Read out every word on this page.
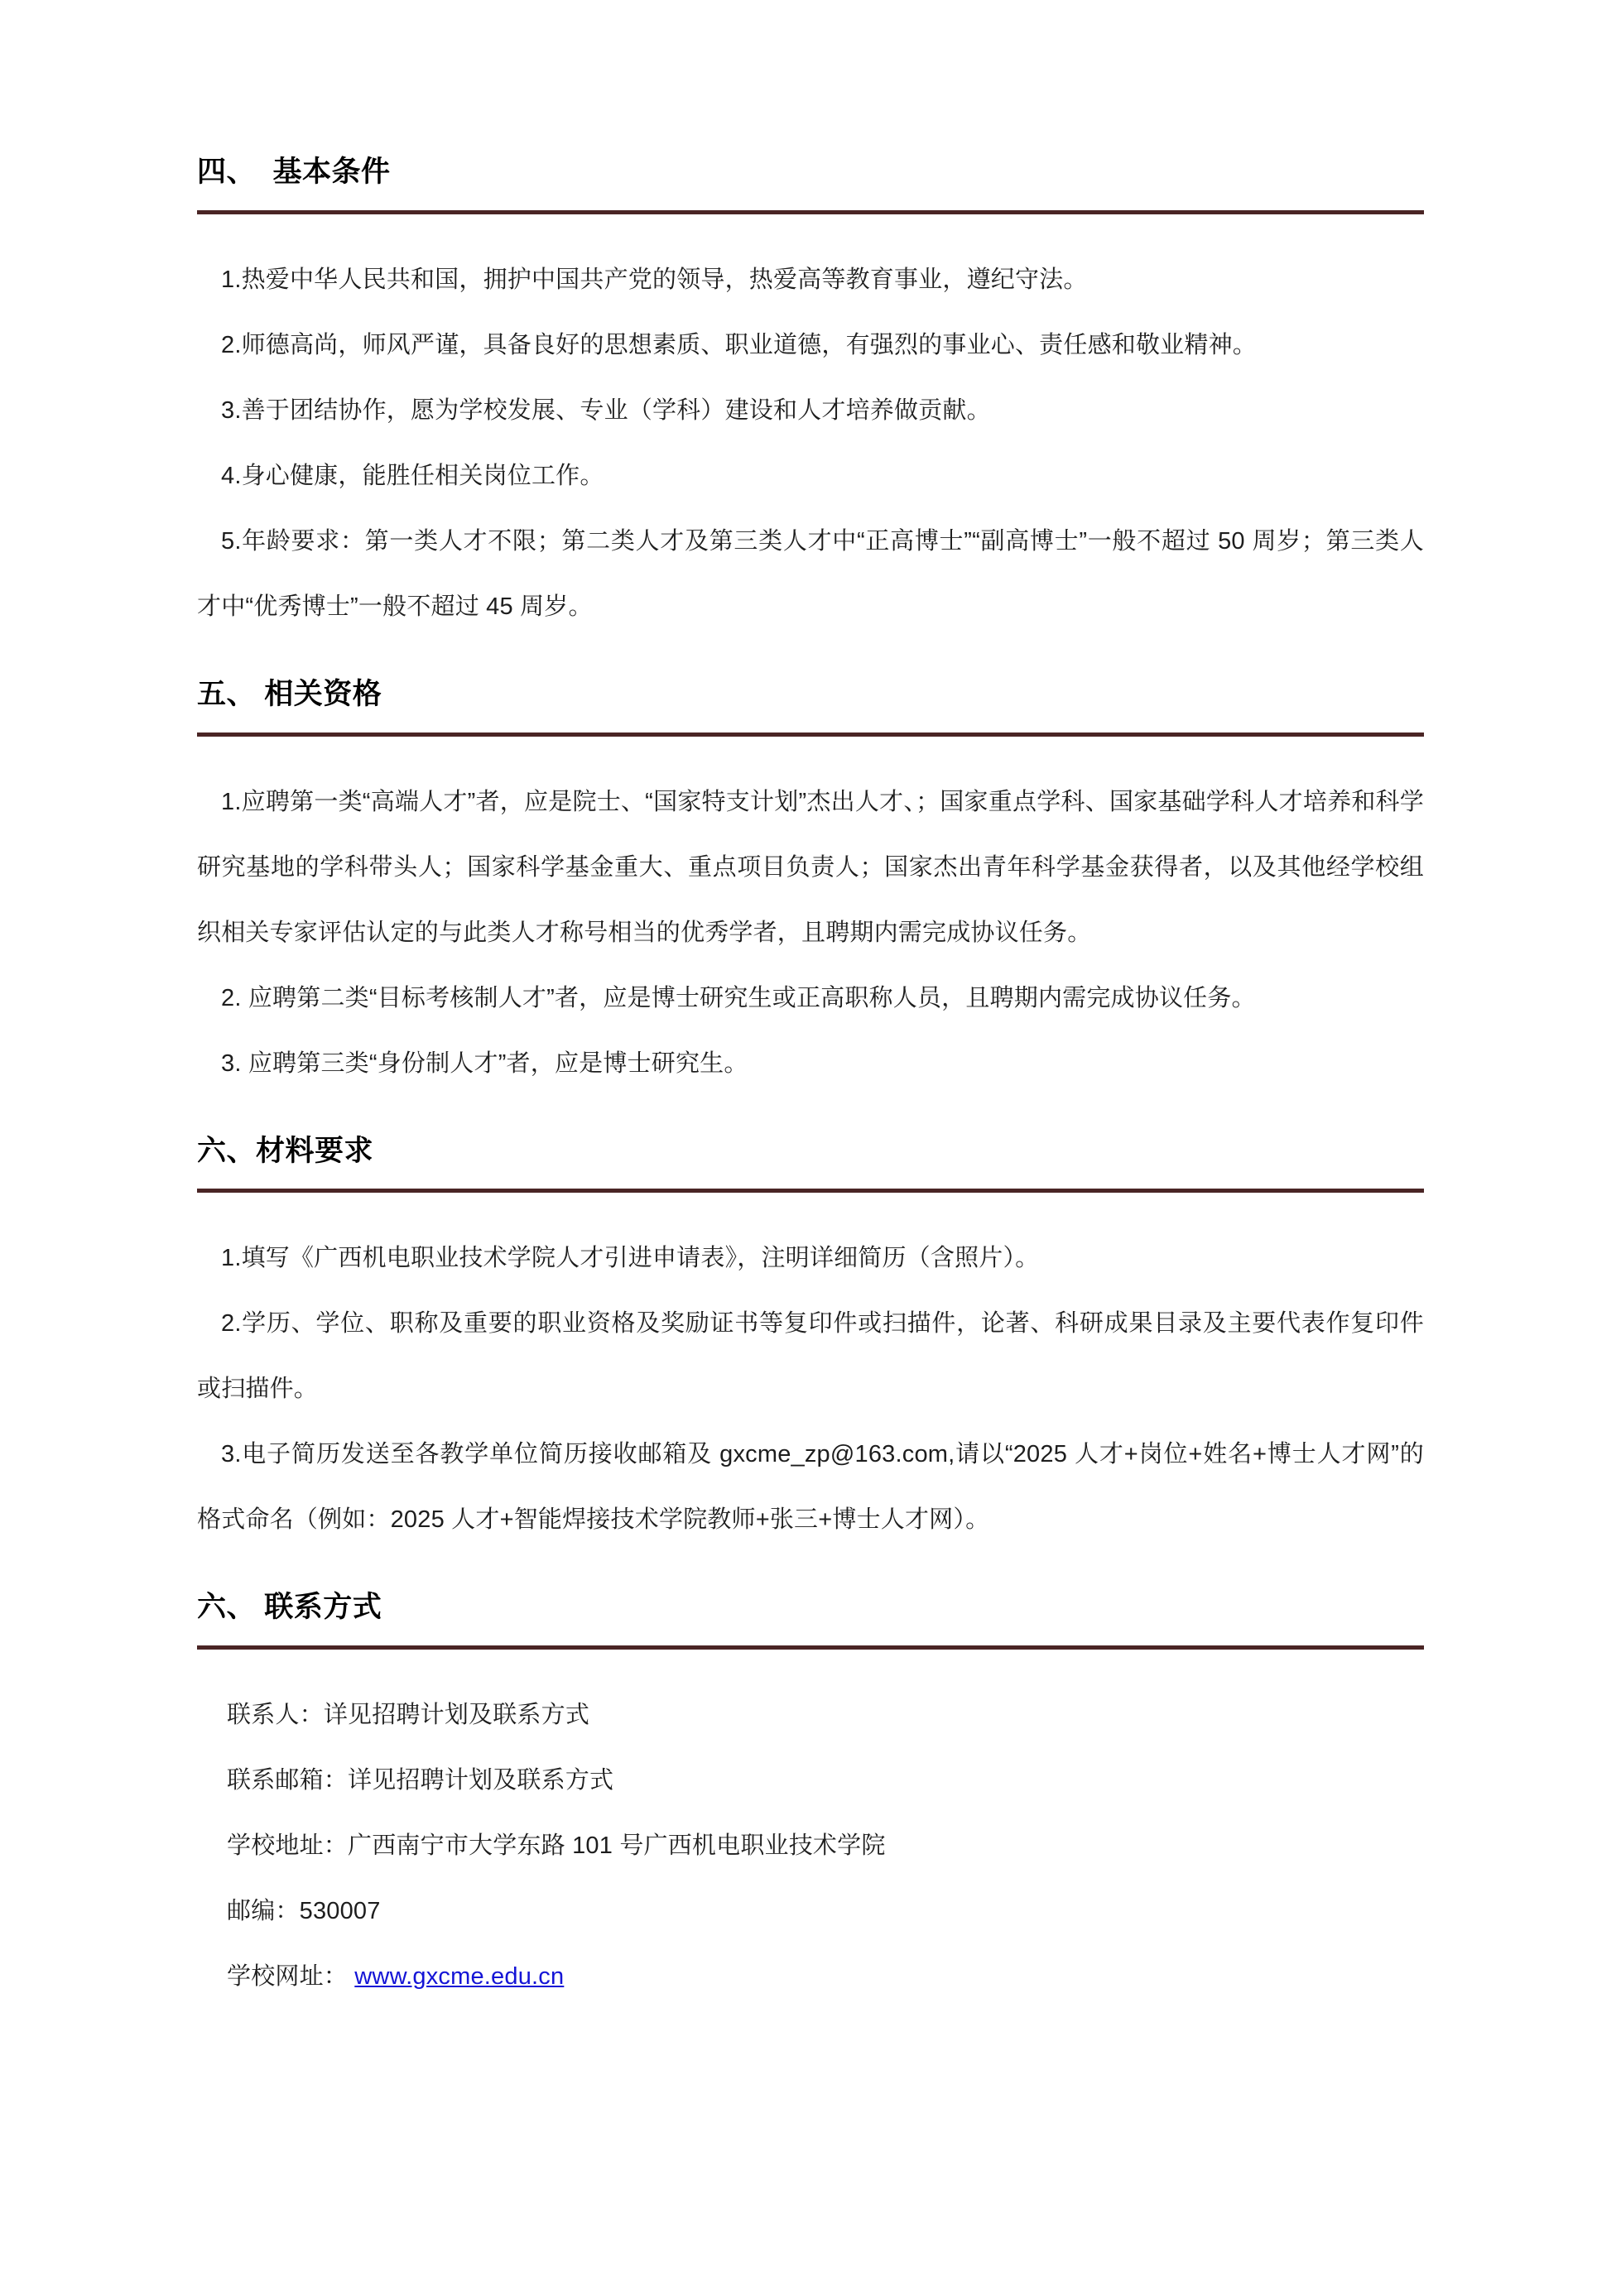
四、  基本条件

1.热爱中华人民共和国，拥护中国共产党的领导，热爱高等教育事业，遵纪守法。

2.师德高尚，师风严谨，具备良好的思想素质、职业道德，有强烈的事业心、责任感和敬业精神。

3.善于团结协作，愿为学校发展、专业（学科）建设和人才培养做贡献。

4.身心健康，能胜任相关岗位工作。

5.年龄要求：第一类人才不限；第二类人才及第三类人才中“正高博士”“副高博士”一般不超过 50 周岁；第三类人才中“优秀博士”一般不超过 45 周岁。

五、 相关资格

1.应聘第一类“高端人才”者，应是院士、“国家特支计划”杰出人才、；国家重点学科、国家基础学科人才培养和科学研究基地的学科带头人；国家科学基金重大、重点项目负责人；国家杰出青年科学基金获得者，以及其他经学校组织相关专家评估认定的与此类人才称号相当的优秀学者，且聘期内需完成协议任务。

2. 应聘第二类“目标考核制人才”者，应是博士研究生或正高职称人员，且聘期内需完成协议任务。

3. 应聘第三类“身份制人才”者，应是博士研究生。

六、材料要求

1.填写《广西机电职业技术学院人才引进申请表》，注明详细简历（含照片）。

2.学历、学位、职称及重要的职业资格及奖励证书等复印件或扫描件，论著、科研成果目录及主要代表作复印件或扫描件。

3.电子简历发送至各教学单位简历接收邮箱及 gxcme_zp@163.com,请以“2025 人才+岗位+姓名+博士人才网”的格式命名（例如：2025 人才+智能焊接技术学院教师+张三+博士人才网）。

六、 联系方式

联系人：详见招聘计划及联系方式

联系邮箱：详见招聘计划及联系方式

学校地址：广西南宁市大学东路 101 号广西机电职业技术学院

邮编：530007

学校网址： www.gxcme.edu.cn
